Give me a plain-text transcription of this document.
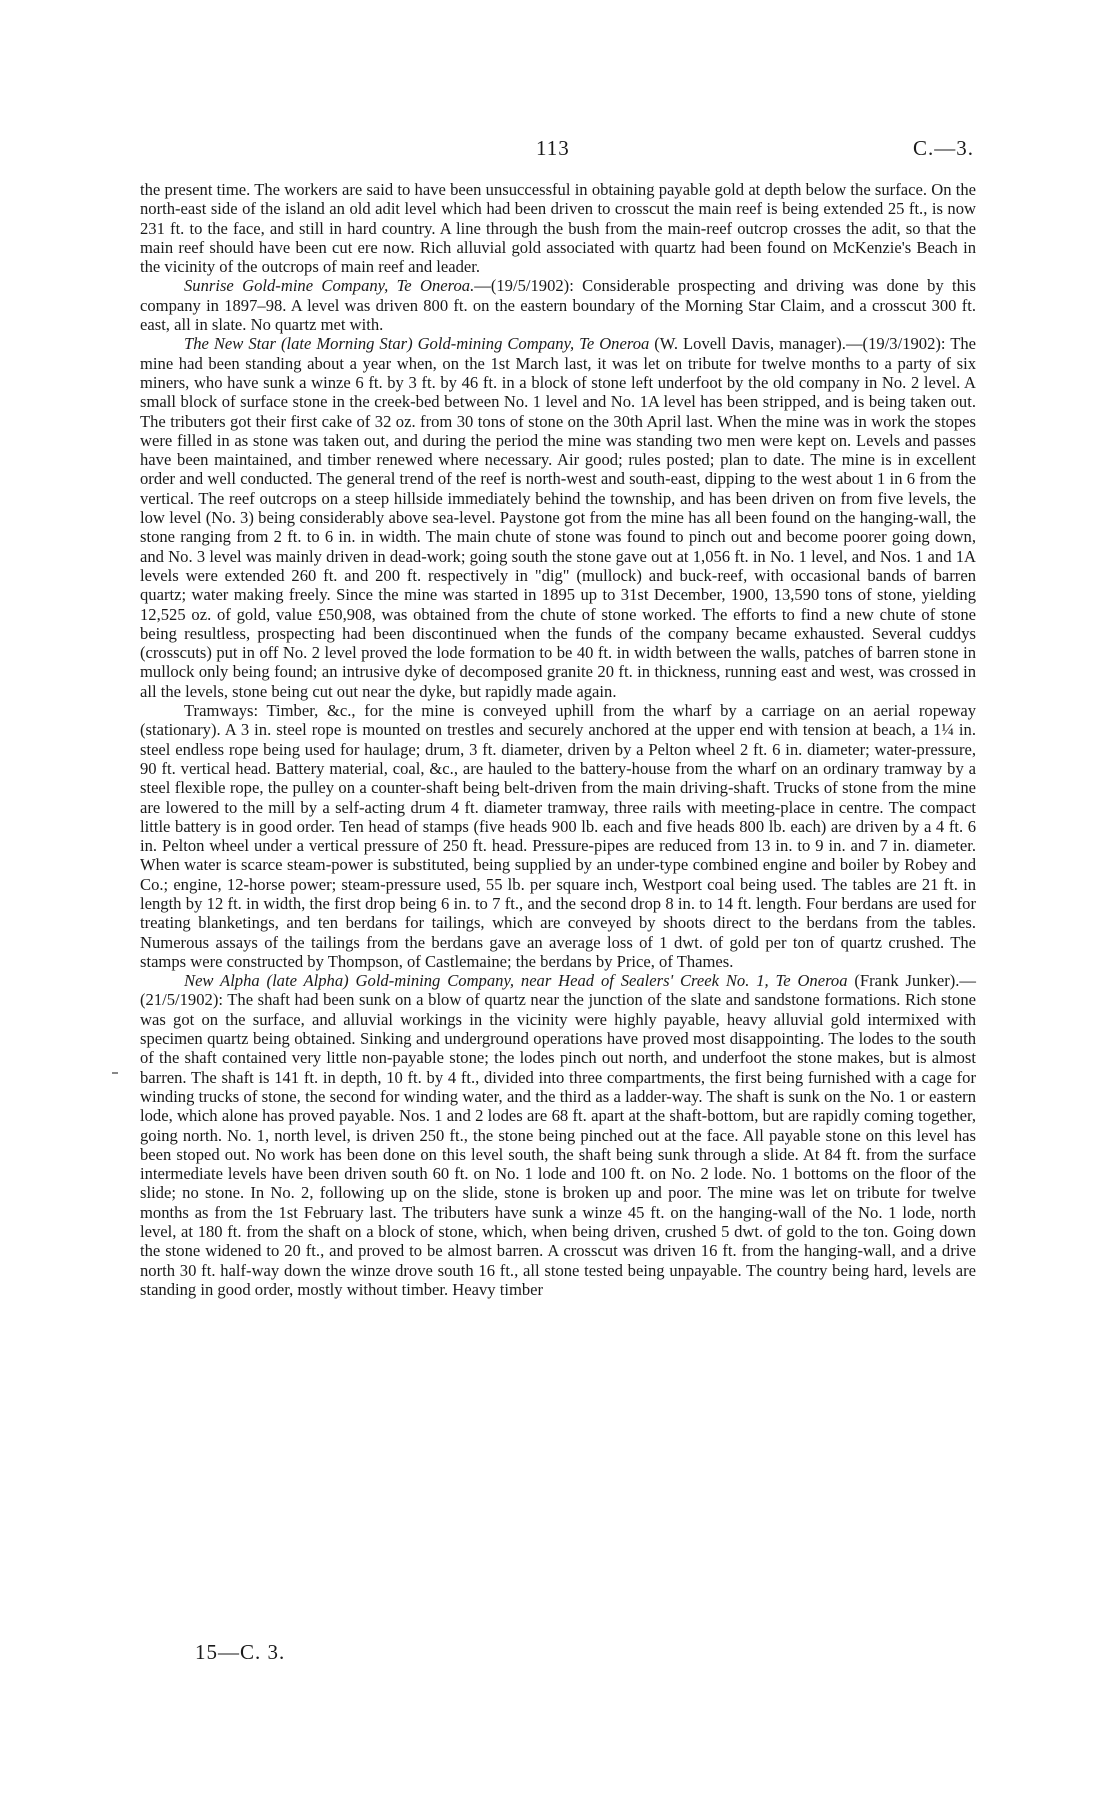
113	C.—3.

the present time. The workers are said to have been unsuccessful in obtaining payable gold at depth below the surface. On the north-east side of the island an old adit level which had been driven to crosscut the main reef is being extended 25 ft., is now 231 ft. to the face, and still in hard country. A line through the bush from the main-reef outcrop crosses the adit, so that the main reef should have been cut ere now. Rich alluvial gold associated with quartz had been found on McKenzie's Beach in the vicinity of the outcrops of main reef and leader.

Sunrise Gold-mine Company, Te Oneroa.—(19/5/1902): Considerable prospecting and driving was done by this company in 1897–98. A level was driven 800 ft. on the eastern boundary of the Morning Star Claim, and a crosscut 300 ft. east, all in slate. No quartz met with.

The New Star (late Morning Star) Gold-mining Company, Te Oneroa (W. Lovell Davis, manager).—(19/3/1902): The mine had been standing about a year when, on the 1st March last, it was let on tribute for twelve months to a party of six miners, who have sunk a winze 6 ft. by 3 ft. by 46 ft. in a block of stone left underfoot by the old company in No. 2 level. A small block of surface stone in the creek-bed between No. 1 level and No. 1A level has been stripped, and is being taken out. The tributers got their first cake of 32 oz. from 30 tons of stone on the 30th April last. When the mine was in work the stopes were filled in as stone was taken out, and during the period the mine was standing two men were kept on. Levels and passes have been maintained, and timber renewed where necessary. Air good; rules posted; plan to date. The mine is in excellent order and well conducted. The general trend of the reef is north-west and south-east, dipping to the west about 1 in 6 from the vertical. The reef outcrops on a steep hillside immediately behind the township, and has been driven on from five levels, the low level (No. 3) being considerably above sea-level. Paystone got from the mine has all been found on the hanging-wall, the stone ranging from 2 ft. to 6 in. in width. The main chute of stone was found to pinch out and become poorer going down, and No. 3 level was mainly driven in dead-work; going south the stone gave out at 1,056 ft. in No. 1 level, and Nos. 1 and 1A levels were extended 260 ft. and 200 ft. respectively in "dig" (mullock) and buck-reef, with occasional bands of barren quartz; water making freely. Since the mine was started in 1895 up to 31st December, 1900, 13,590 tons of stone, yielding 12,525 oz. of gold, value £50,908, was obtained from the chute of stone worked. The efforts to find a new chute of stone being resultless, prospecting had been discontinued when the funds of the company became exhausted. Several cuddys (crosscuts) put in off No. 2 level proved the lode formation to be 40 ft. in width between the walls, patches of barren stone in mullock only being found; an intrusive dyke of decomposed granite 20 ft. in thickness, running east and west, was crossed in all the levels, stone being cut out near the dyke, but rapidly made again.

Tramways: Timber, &c., for the mine is conveyed uphill from the wharf by a carriage on an aerial ropeway (stationary). A 3 in. steel rope is mounted on trestles and securely anchored at the upper end with tension at beach, a 1¼ in. steel endless rope being used for haulage; drum, 3 ft. diameter, driven by a Pelton wheel 2 ft. 6 in. diameter; water-pressure, 90 ft. vertical head. Battery material, coal, &c., are hauled to the battery-house from the wharf on an ordinary tramway by a steel flexible rope, the pulley on a counter-shaft being belt-driven from the main driving-shaft. Trucks of stone from the mine are lowered to the mill by a self-acting drum 4 ft. diameter tramway, three rails with meeting-place in centre. The compact little battery is in good order. Ten head of stamps (five heads 900 lb. each and five heads 800 lb. each) are driven by a 4 ft. 6 in. Pelton wheel under a vertical pressure of 250 ft. head. Pressure-pipes are reduced from 13 in. to 9 in. and 7 in. diameter. When water is scarce steam-power is substituted, being supplied by an under-type combined engine and boiler by Robey and Co.; engine, 12-horse power; steam-pressure used, 55 lb. per square inch, Westport coal being used. The tables are 21 ft. in length by 12 ft. in width, the first drop being 6 in. to 7 ft., and the second drop 8 in. to 14 ft. length. Four berdans are used for treating blanketings, and ten berdans for tailings, which are conveyed by shoots direct to the berdans from the tables. Numerous assays of the tailings from the berdans gave an average loss of 1 dwt. of gold per ton of quartz crushed. The stamps were constructed by Thompson, of Castlemaine; the berdans by Price, of Thames.

New Alpha (late Alpha) Gold-mining Company, near Head of Sealers' Creek No. 1, Te Oneroa (Frank Junker).—(21/5/1902): The shaft had been sunk on a blow of quartz near the junction of the slate and sandstone formations. Rich stone was got on the surface, and alluvial workings in the vicinity were highly payable, heavy alluvial gold intermixed with specimen quartz being obtained. Sinking and underground operations have proved most disappointing. The lodes to the south of the shaft contained very little non-payable stone; the lodes pinch out north, and underfoot the stone makes, but is almost barren. The shaft is 141 ft. in depth, 10 ft. by 4 ft., divided into three compartments, the first being furnished with a cage for winding trucks of stone, the second for winding water, and the third as a ladder-way. The shaft is sunk on the No. 1 or eastern lode, which alone has proved payable. Nos. 1 and 2 lodes are 68 ft. apart at the shaft-bottom, but are rapidly coming together, going north. No. 1, north level, is driven 250 ft., the stone being pinched out at the face. All payable stone on this level has been stoped out. No work has been done on this level south, the shaft being sunk through a slide. At 84 ft. from the surface intermediate levels have been driven south 60 ft. on No. 1 lode and 100 ft. on No. 2 lode. No. 1 bottoms on the floor of the slide; no stone. In No. 2, following up on the slide, stone is broken up and poor. The mine was let on tribute for twelve months as from the 1st February last. The tributers have sunk a winze 45 ft. on the hanging-wall of the No. 1 lode, north level, at 180 ft. from the shaft on a block of stone, which, when being driven, crushed 5 dwt. of gold to the ton. Going down the stone widened to 20 ft., and proved to be almost barren. A crosscut was driven 16 ft. from the hanging-wall, and a drive north 30 ft. half-way down the winze drove south 16 ft., all stone tested being unpayable. The country being hard, levels are standing in good order, mostly without timber. Heavy timber

15—C. 3.
